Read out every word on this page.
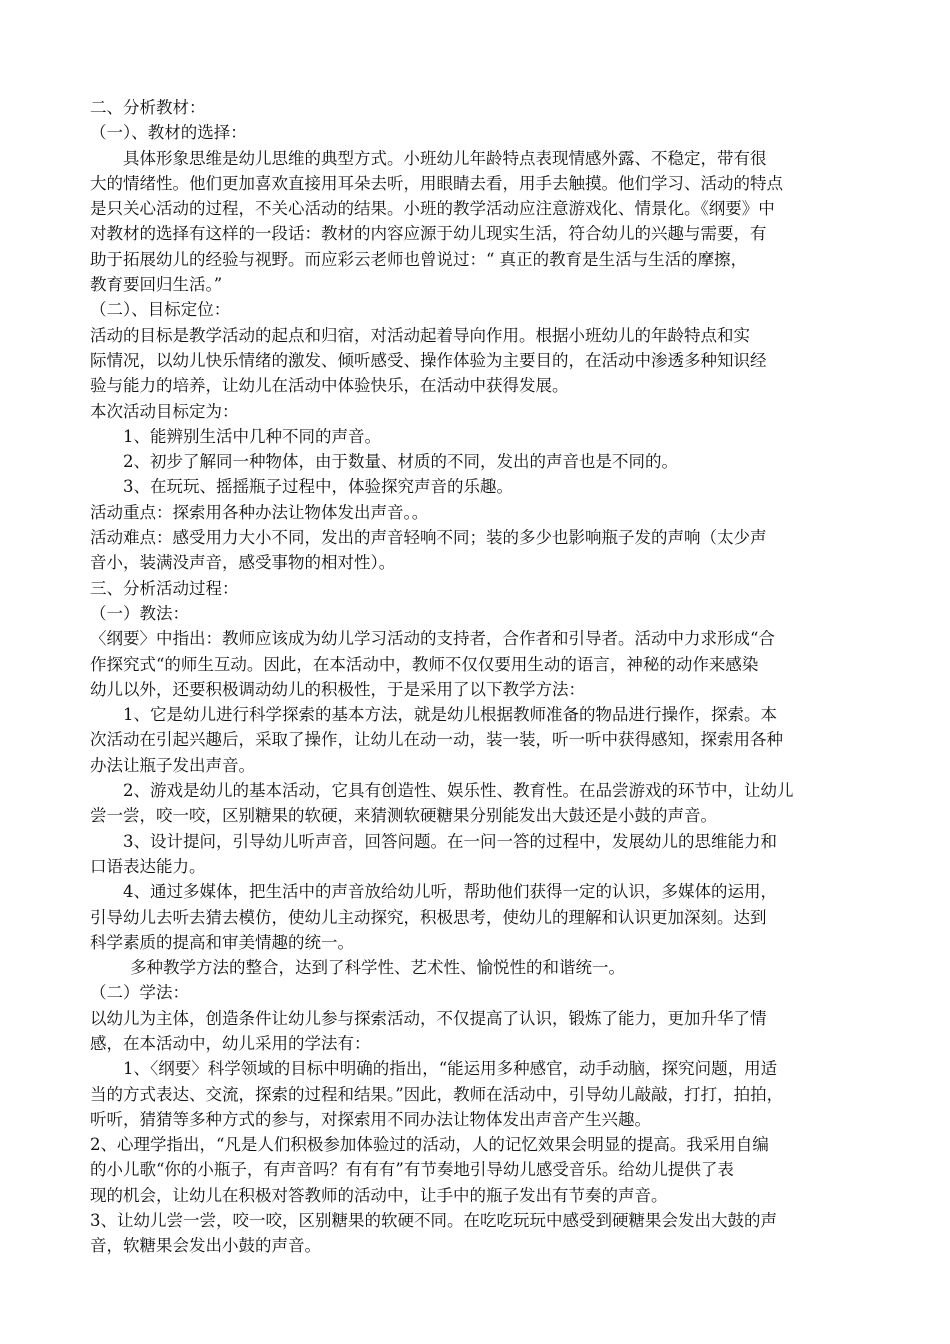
二、分析教材：
（一）、教材的选择：
具体形象思维是幼儿思维的典型方式。小班幼儿年龄特点表现情感外露、不稳定，带有很
大的情绪性。他们更加喜欢直接用耳朵去听，用眼睛去看，用手去触摸。他们学习、活动的特点
是只关心活动的过程，不关心活动的结果。小班的教学活动应注意游戏化、情景化。《纲要》中
对教材的选择有这样的一段话：教材的内容应源于幼儿现实生活，符合幼儿的兴趣与需要，有
助于拓展幼儿的经验与视野。而应彩云老师也曾说过：“ 真正的教育是生活与生活的摩擦，
教育要回归生活。”
（二）、目标定位：
活动的目标是教学活动的起点和归宿，对活动起着导向作用。根据小班幼儿的年龄特点和实
际情况，以幼儿快乐情绪的激发、倾听感受、操作体验为主要目的，在活动中渗透多种知识经
验与能力的培养，让幼儿在活动中体验快乐，在活动中获得发展。
本次活动目标定为：
1、能辨别生活中几种不同的声音。
2、初步了解同一种物体，由于数量、材质的不同，发出的声音也是不同的。
3、在玩玩、摇摇瓶子过程中，体验探究声音的乐趣。
活动重点：探索用各种办法让物体发出声音。。
活动难点：感受用力大小不同，发出的声音轻响不同；装的多少也影响瓶子发的声响（太少声
音小，装满没声音，感受事物的相对性）。
三、分析活动过程：
（一）教法：
〈纲要〉中指出：教师应该成为幼儿学习活动的支持者，合作者和引导者。活动中力求形成“合
作探究式“的师生互动。因此，在本活动中，教师不仅仅要用生动的语言，神秘的动作来感染
幼儿以外，还要积极调动幼儿的积极性，于是采用了以下教学方法：
1、它是幼儿进行科学探索的基本方法，就是幼儿根据教师准备的物品进行操作，探索。本
次活动在引起兴趣后，采取了操作，让幼儿在动一动，装一装，听一听中获得感知，探索用各种
办法让瓶子发出声音。
2、游戏是幼儿的基本活动，它具有创造性、娱乐性、教育性。在品尝游戏的环节中，让幼儿
尝一尝，咬一咬，区别糖果的软硬，来猜测软硬糖果分别能发出大鼓还是小鼓的声音。
3、设计提问，引导幼儿听声音，回答问题。在一问一答的过程中，发展幼儿的思维能力和
口语表达能力。
4、通过多媒体，把生活中的声音放给幼儿听，帮助他们获得一定的认识，多媒体的运用，
引导幼儿去听去猜去模仿，使幼儿主动探究，积极思考，使幼儿的理解和认识更加深刻。达到
科学素质的提高和审美情趣的统一。
多种教学方法的整合，达到了科学性、艺术性、愉悦性的和谐统一。
（二）学法：
以幼儿为主体，创造条件让幼儿参与探索活动，不仅提高了认识，锻炼了能力，更加升华了情
感，在本活动中，幼儿采用的学法有：
1、〈纲要〉科学领域的目标中明确的指出，“能运用多种感官，动手动脑，探究问题，用适
当的方式表达、交流，探索的过程和结果。”因此，教师在活动中，引导幼儿敲敲，打打，拍拍，
听听，猜猜等多种方式的参与，对探索用不同办法让物体发出声音产生兴趣。
2、心理学指出，“凡是人们积极参加体验过的活动，人的记忆效果会明显的提高。我采用自编
的小儿歌“你的小瓶子，有声音吗？有有有”有节奏地引导幼儿感受音乐。给幼儿提供了表
现的机会，让幼儿在积极对答教师的活动中，让手中的瓶子发出有节奏的声音。
3、让幼儿尝一尝，咬一咬，区别糖果的软硬不同。在吃吃玩玩中感受到硬糖果会发出大鼓的声
音，软糖果会发出小鼓的声音。
